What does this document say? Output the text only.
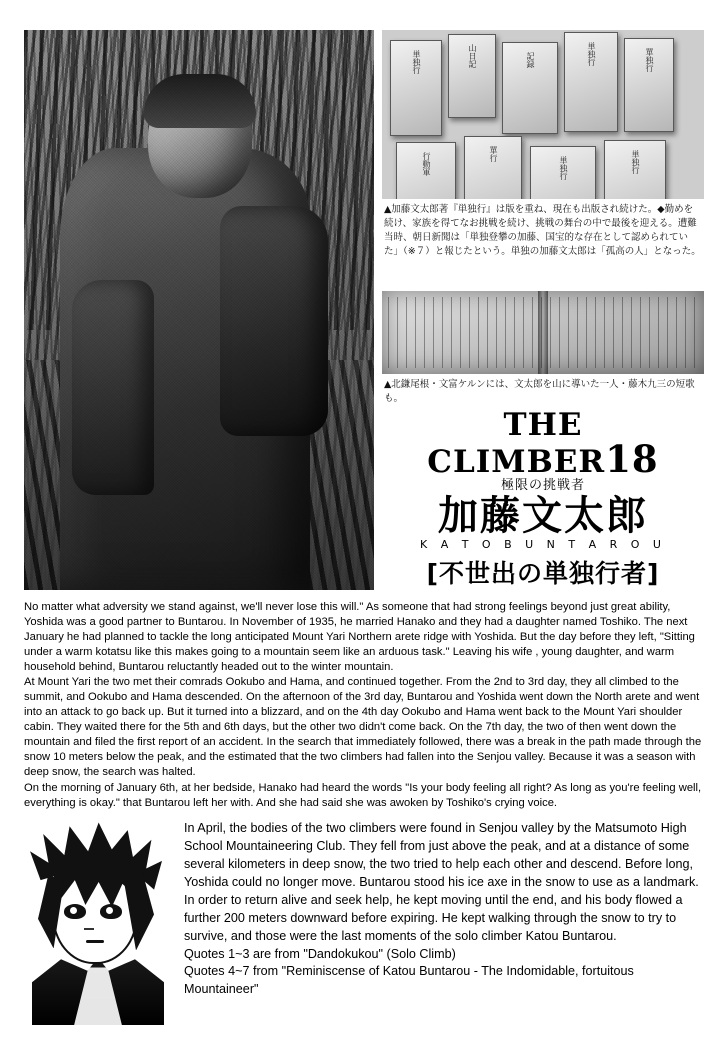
単独行	山日記	記録	単独行	單独行
行動軍	單行
単独行	単独行
▲加藤文太郎著『単独行』は版を重ね、現在も出版され続けた。◆勤めを続け、家族を得てなお挑戦を続け、挑戦の舞台の中で最後を迎える。遭難当時、朝日新聞は「単独登攀の加藤、国宝的な存在として認められていた」（※７）と報じたという。単独の加藤文太郎は「孤高の人」となった。
▲北鎌尾根・文富ケルンには、文太郎を山に導いた一人・藤木九三の短歌も。
THE CLIMBER18
極限の挑戦者
加藤文太郎
K A T O B U N T A R O U
[不世出の単独行者]

No matter what adversity we stand against, we'll never lose this will." As someone that had strong feelings beyond just great ability, Yoshida was a good partner to Buntarou. In November of 1935, he married Hanako and they had a daughter named Toshiko. The next January he had planned to tackle the long anticipated Mount Yari Northern arete ridge with Yoshida. But the day before they left, "Sitting under a warm kotatsu like this makes going to a mountain seem like an arduous task." Leaving his wife , young daughter, and warm household behind, Buntarou reluctantly headed out to the winter mountain.

At Mount Yari the two met their comrads Ookubo and Hama, and continued together. From the 2nd to 3rd day, they all climbed to the summit, and Ookubo and Hama descended. On the afternoon of the 3rd day, Buntarou and Yoshida went down the North arete and went into an attack to go back up. But it turned into a blizzard, and on the 4th day Ookubo and Hama went back to the Mount Yari shoulder cabin. They waited there for the 5th and 6th days, but the other two didn't come back. On the 7th day, the two of then went down the mountain and filed the first report of an accident. In the search that immediately followed, there was a break in the path made through the snow 10 meters below the peak, and the estimated that the two climbers had fallen into the Senjou valley. Because it was a season with deep snow, the search was halted.

On the morning of January 6th, at her bedside, Hanako had heard the words "Is your body feeling all right? As long as you're feeling well, everything is okay." that Buntarou left her with. And she had said she was awoken by Toshiko's crying voice.

In April, the bodies of the two climbers were found in Senjou valley by the Matsumoto High School Mountaineering Club. They fell from just above the peak, and at a distance of some several kilometers in deep snow, the two tried to help each other and descend. Before long, Yoshida could no longer move. Buntarou stood his ice axe in the snow to use as a landmark. In order to return alive and seek help, he kept moving until the end, and his body flowed a further 200 meters downward before expiring. He kept walking through the snow to try to survive, and those were the last moments of the solo climber Katou Buntarou.

Quotes 1~3 are from "Dandokukou" (Solo Climb)

Quotes 4~7 from "Reminiscense of Katou Buntarou - The Indomidable, fortuitous Mountaineer"
